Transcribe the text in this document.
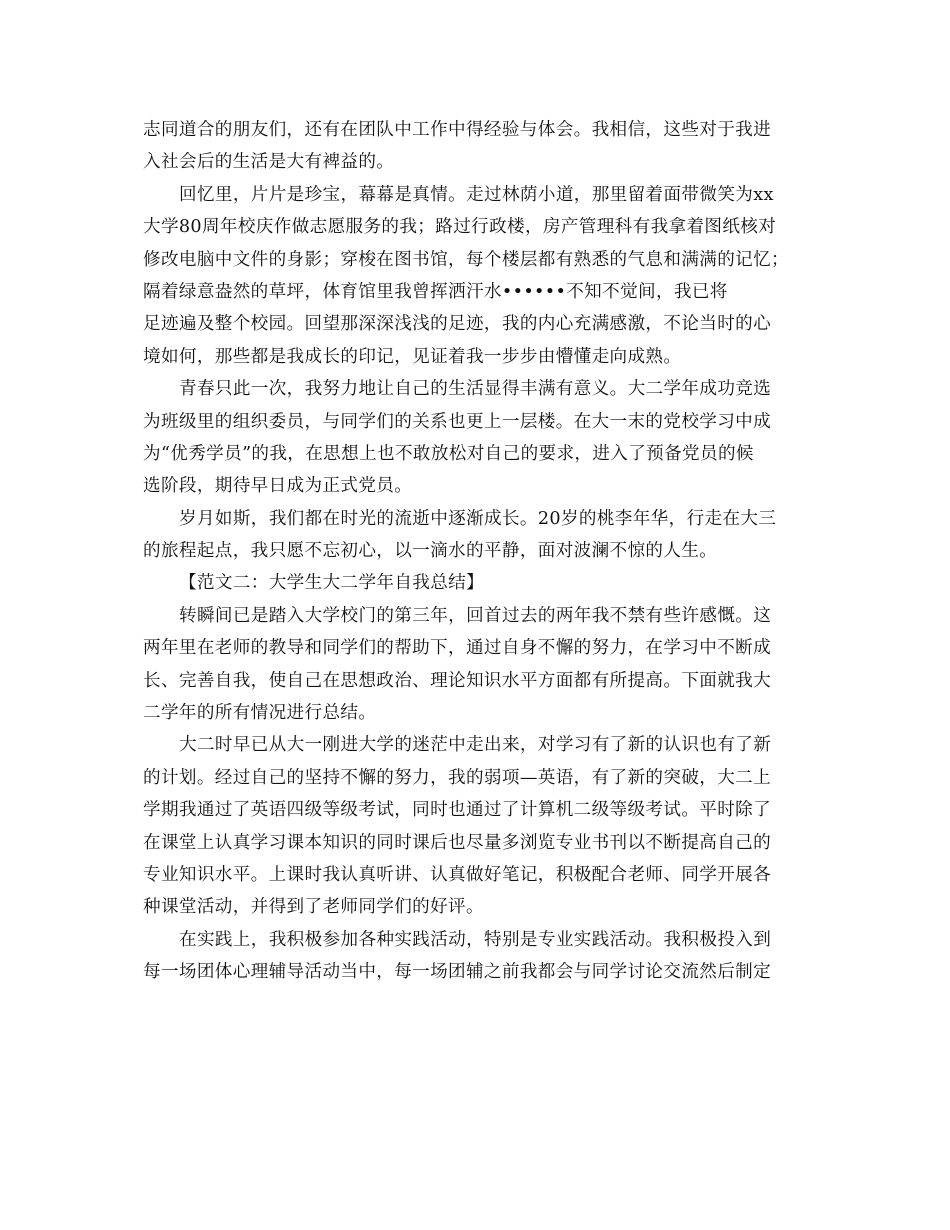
志同道合的朋友们，还有在团队中工作中得经验与体会。我相信，这些对于我进
入社会后的生活是大有裨益的。
回忆里，片片是珍宝，幕幕是真情。走过林荫小道，那里留着面带微笑为xx
大学80周年校庆作做志愿服务的我；路过行政楼，房产管理科有我拿着图纸核对
修改电脑中文件的身影；穿梭在图书馆，每个楼层都有熟悉的气息和满满的记忆；
隔着绿意盎然的草坪，体育馆里我曾挥洒汗水••••••不知不觉间，我已将
足迹遍及整个校园。回望那深深浅浅的足迹，我的内心充满感激，不论当时的心
境如何，那些都是我成长的印记，见证着我一步步由懵懂走向成熟。
青春只此一次，我努力地让自己的生活显得丰满有意义。大二学年成功竞选
为班级里的组织委员，与同学们的关系也更上一层楼。在大一末的党校学习中成
为“优秀学员”的我，在思想上也不敢放松对自己的要求，进入了预备党员的候
选阶段，期待早日成为正式党员。
岁月如斯，我们都在时光的流逝中逐渐成长。20岁的桃李年华，行走在大三
的旅程起点，我只愿不忘初心，以一滴水的平静，面对波澜不惊的人生。
【范文二：大学生大二学年自我总结】
转瞬间已是踏入大学校门的第三年，回首过去的两年我不禁有些许感慨。这
两年里在老师的教导和同学们的帮助下，通过自身不懈的努力，在学习中不断成
长、完善自我，使自己在思想政治、理论知识水平方面都有所提高。下面就我大
二学年的所有情况进行总结。
大二时早已从大一刚进大学的迷茫中走出来，对学习有了新的认识也有了新
的计划。经过自己的坚持不懈的努力，我的弱项—英语，有了新的突破，大二上
学期我通过了英语四级等级考试，同时也通过了计算机二级等级考试。平时除了
在课堂上认真学习课本知识的同时课后也尽量多浏览专业书刊以不断提高自己的
专业知识水平。上课时我认真听讲、认真做好笔记，积极配合老师、同学开展各
种课堂活动，并得到了老师同学们的好评。
在实践上，我积极参加各种实践活动，特别是专业实践活动。我积极投入到
每一场团体心理辅导活动当中，每一场团辅之前我都会与同学讨论交流然后制定
